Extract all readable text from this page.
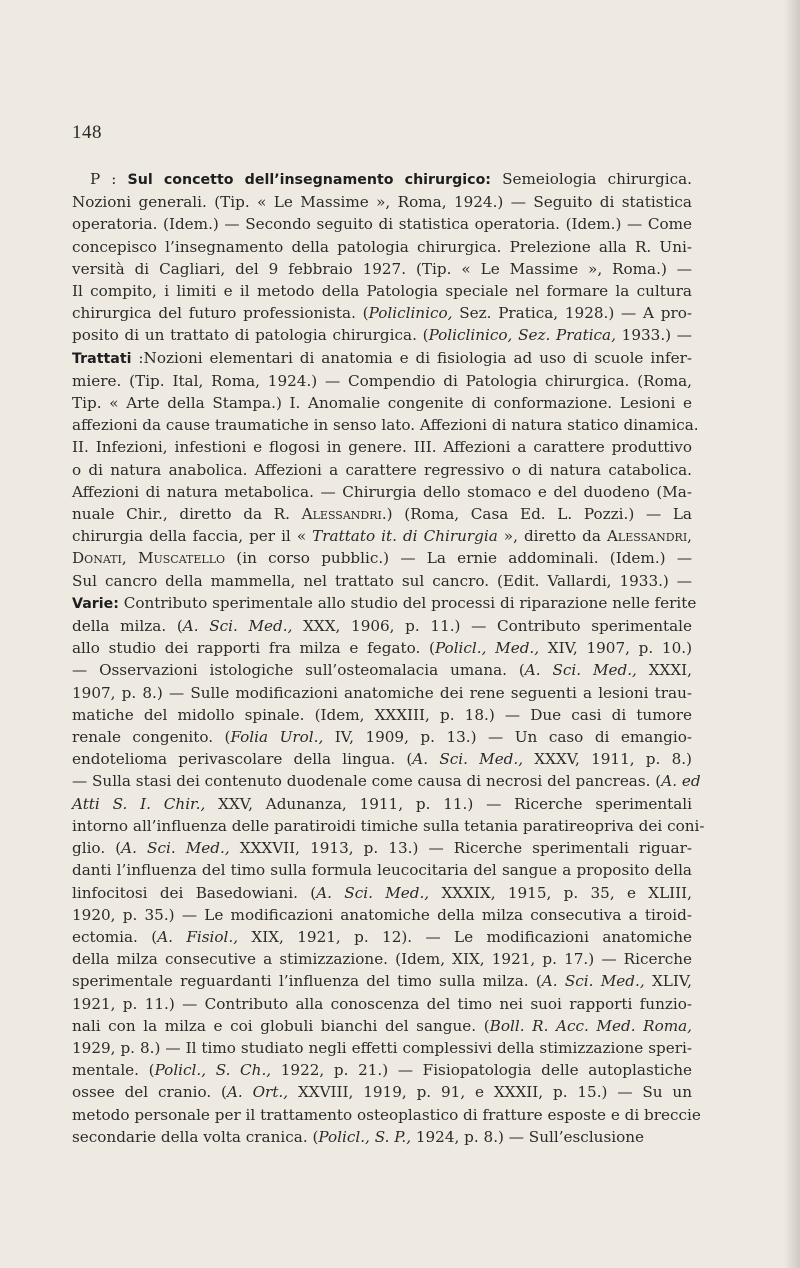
148
P : Sul concetto dell’insegnamento chirurgico: Semeiologia chirurgica.
Nozioni generali. (Tip. « Le Massime », Roma, 1924.) — Seguito di statistica
operatoria. (Idem.) — Secondo seguito di statistica operatoria. (Idem.) — Come
concepisco l’insegnamento della patologia chirurgica. Prelezione alla R. Uni-
versità di Cagliari, del 9 febbraio 1927. (Tip. « Le Massime », Roma.) —
Il compito, i limiti e il metodo della Patologia speciale nel formare la cultura
chirurgica del futuro professionista. (Policlinico, Sez. Pratica, 1928.) — A pro-
posito di un trattato di patologia chirurgica. (Policlinico, Sez. Pratica, 1933.) —
Trattati :Nozioni elementari di anatomia e di fisiologia ad uso di scuole infer-
miere. (Tip. Ital, Roma, 1924.) — Compendio di Patologia chirurgica. (Roma,
Tip. « Arte della Stampa.) I. Anomalie congenite di conformazione. Lesioni e
affezioni da cause traumatiche in senso lato. Affezioni di natura statico dinamica.
II. Infezioni, infestioni e flogosi in genere. III. Affezioni a carattere produttivo
o di natura anabolica. Affezioni a carattere regressivo o di natura catabolica.
Affezioni di natura metabolica. — Chirurgia dello stomaco e del duodeno (Ma-
nuale Chir., diretto da R. Alessandri.) (Roma, Casa Ed. L. Pozzi.) — La
chirurgia della faccia, per il « Trattato it. di Chirurgia », diretto da Alessandri,
Donati, Muscatello (in corso pubblic.) — La ernie addominali. (Idem.) —
Sul cancro della mammella, nel trattato sul cancro. (Edit. Vallardi, 1933.) —
Varie: Contributo sperimentale allo studio del processi di riparazione nelle ferite
della milza. (A. Sci. Med., XXX, 1906, p. 11.) — Contributo sperimentale
allo studio dei rapporti fra milza e fegato. (Policl., Med., XIV, 1907, p. 10.)
— Osservazioni istologiche sull’osteomalacia umana. (A. Sci. Med., XXXI,
1907, p. 8.) — Sulle modificazioni anatomiche dei rene seguenti a lesioni trau-
matiche del midollo spinale. (Idem, XXXIII, p. 18.) — Due casi di tumore
renale congenito. (Folia Urol., IV, 1909, p. 13.) — Un caso di emangio-
endotelioma perivascolare della lingua. (A. Sci. Med., XXXV, 1911, p. 8.)
— Sulla stasi dei contenuto duodenale come causa di necrosi del pancreas. (A. ed
Atti S. I. Chir., XXV, Adunanza, 1911, p. 11.) — Ricerche sperimentali
intorno all’influenza delle paratiroidi timiche sulla tetania paratireopriva dei coni-
glio. (A. Sci. Med., XXXVII, 1913, p. 13.) — Ricerche sperimentali riguar-
danti l’influenza del timo sulla formula leucocitaria del sangue a proposito della
linfocitosi dei Basedowiani. (A. Sci. Med., XXXIX, 1915, p. 35, e XLIII,
1920, p. 35.) — Le modificazioni anatomiche della milza consecutiva a tiroid-
ectomia. (A. Fisiol., XIX, 1921, p. 12). — Le modificazioni anatomiche
della milza consecutive a stimizzazione. (Idem, XIX, 1921, p. 17.) — Ricerche
sperimentale reguardanti l’influenza del timo sulla milza. (A. Sci. Med., XLIV,
1921, p. 11.) — Contributo alla conoscenza del timo nei suoi rapporti funzio-
nali con la milza e coi globuli bianchi del sangue. (Boll. R. Acc. Med. Roma,
1929, p. 8.) — Il timo studiato negli effetti complessivi della stimizzazione speri-
mentale. (Policl., S. Ch., 1922, p. 21.) — Fisiopatologia delle autoplastiche
ossee del cranio. (A. Ort., XXVIII, 1919, p. 91, e XXXII, p. 15.) — Su un
metodo personale per il trattamento osteoplastico di fratture esposte e di breccie
secondarie della volta cranica. (Policl., S. P., 1924, p. 8.) — Sull’esclusione
